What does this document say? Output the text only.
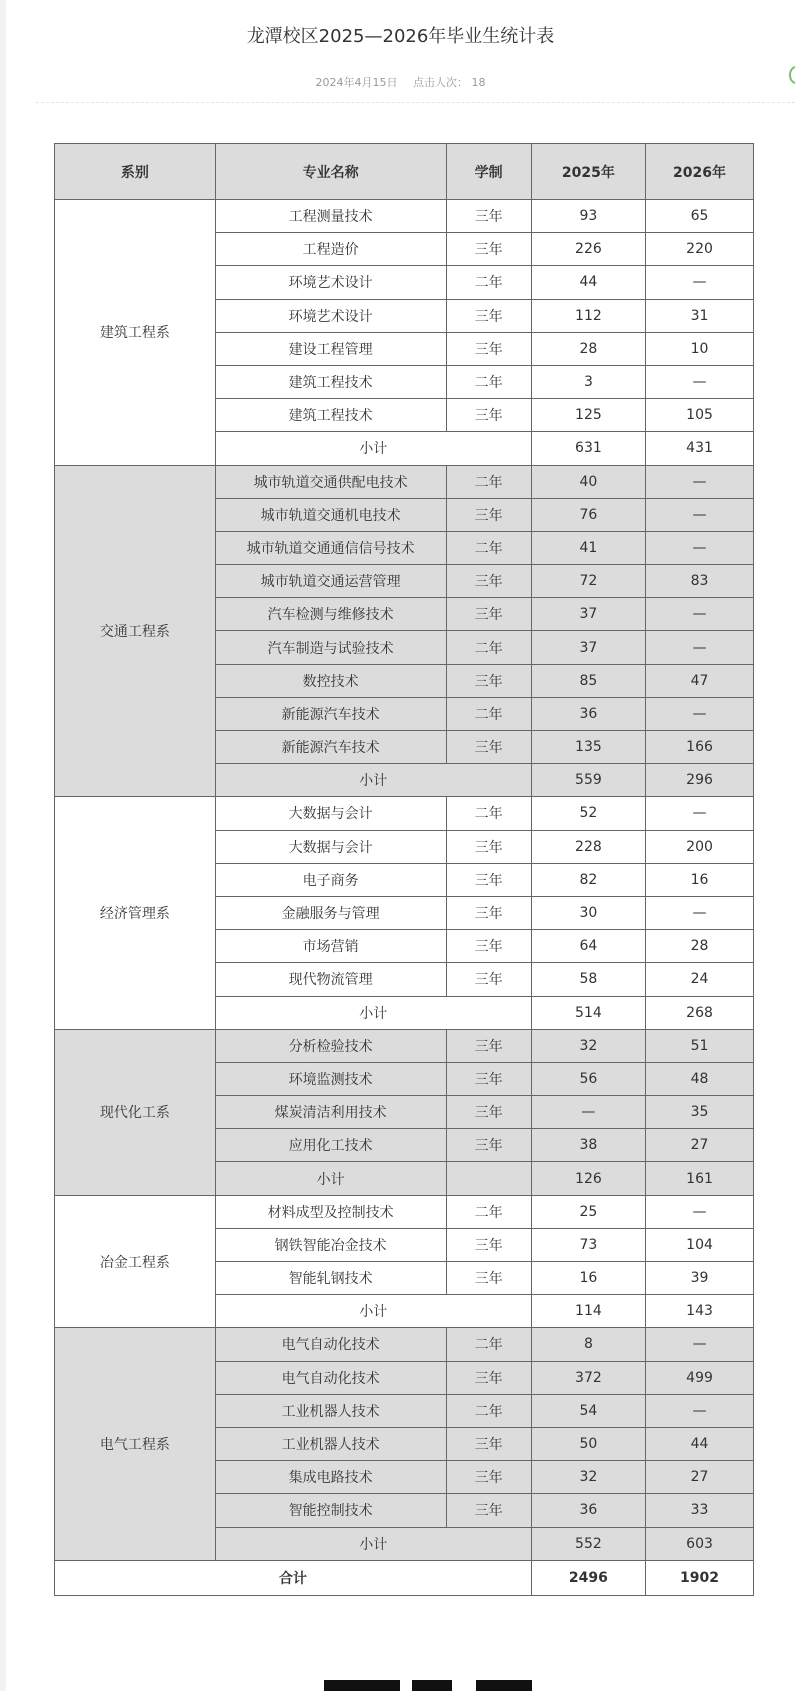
龙潭校区2025—2026年毕业生统计表
2024年4月15日 点击人次： 18
系别	专业名称	学制	2025年	2026年
建筑工程系	工程测量技术	三年	93	65
	工程造价	三年	226	220
	环境艺术设计	二年	44	—
	环境艺术设计	三年	112	31
	建设工程管理	三年	28	10
	建筑工程技术	二年	3	—
	建筑工程技术	三年	125	105
	小计		631	431
交通工程系	城市轨道交通供配电技术	二年	40	—
	城市轨道交通机电技术	三年	76	—
	城市轨道交通通信信号技术	二年	41	—
	城市轨道交通运营管理	三年	72	83
	汽车检测与维修技术	三年	37	—
	汽车制造与试验技术	二年	37	—
	数控技术	三年	85	47
	新能源汽车技术	二年	36	—
	新能源汽车技术	三年	135	166
	小计		559	296
经济管理系	大数据与会计	二年	52	—
	大数据与会计	三年	228	200
	电子商务	三年	82	16
	金融服务与管理	三年	30	—
	市场营销	三年	64	28
	现代物流管理	三年	58	24
	小计		514	268
现代化工系	分析检验技术	三年	32	51
	环境监测技术	三年	56	48
	煤炭清洁利用技术	三年	—	35
	应用化工技术	三年	38	27
	小计		126	161
冶金工程系	材料成型及控制技术	二年	25	—
	钢铁智能冶金技术	三年	73	104
	智能轧钢技术	三年	16	39
	小计		114	143
电气工程系	电气自动化技术	二年	8	—
	电气自动化技术	三年	372	499
	工业机器人技术	二年	54	—
	工业机器人技术	三年	50	44
	集成电路技术	三年	32	27
	智能控制技术	三年	36	33
	小计		552	603
合计			2496	1902
